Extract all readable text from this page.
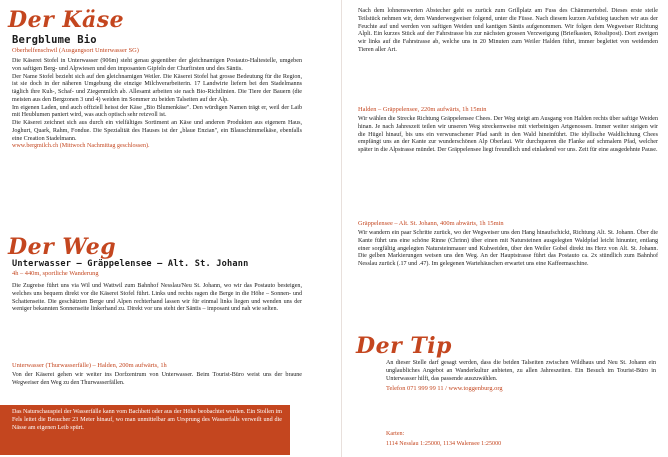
Der Käse
Bergblume Bio
Oberhelfenschwil (Ausgangsort Unterwasser SG)

Die Käserei Stofel in Unterwasser (906m) steht genau gegenüber der gleichnamigen Postauto-Haltestelle, umgeben von saftigen Berg- und Alpwiesen und den imposanten Gipfeln der Churfirsten und des Säntis.

Der Name Stofel bezieht sich auf den gleichnamigen Weiler. Die Käserei Stofel hat grosse Bedeutung für die Region, ist sie doch in der näheren Umgebung die einzige Milchverarbeiterin. 17 Landwirte liefern bei den Stadelmanns täglich ihre Kuh-, Schaf- und Ziegenmilch ab. Allesamt arbeiten sie nach Bio-Richtlinien. Die Tiere der Bauern (die meisten aus den Bergzonen 3 und 4) weiden im Sommer zu beiden Talseiten auf der Alp.

Im eigenen Laden, und auch offiziell heisst der Käse „Bio Blumenkäse". Den würdigen Namen trägt er, weil der Laib mit Heublumen paniert wird, was auch optisch sehr reizvoll ist.

Die Käserei zeichnet sich aus durch ein vielfältiges Sortiment an Käse und anderen Produkten aus eigenem Haus, Joghurt, Quark, Rahm, Fondue. Die Spezialität des Hauses ist der „blaue Enzian", ein Blauschimmelkäse, ebenfalls eine Creation Stadelmann.

www.bergmilch.ch (Mittwoch Nachmittag geschlossen).

Der Weg
Unterwasser – Gräppelensee – Alt. St. Johann
4h – 440m, sportliche Wanderung
Die Zugreise führt uns via Wil und Wattwil zum Bahnhof Nesslau/Neu St. Johann, wo wir das Postauto besteigen, welches uns bequem direkt vor die Käserei Stofel führt. Links und rechts ragen die Berge in die Höhe – Sonnen- und Schattenseite. Die geschätzten Berge und Alpen rechterhand lassen wir für einmal links liegen und wenden uns der weniger bekannten Sonnenseite linkerhand zu. Direkt vor uns steht der Säntis – imposant und nah wie selten.
Unterwasser (Thurwasserfälle) – Halden, 200m aufwärts, 1h
Von der Käserei gehen wir weiter ins Dorfzentrum von Unterwasser. Beim Tourist-Büro weist uns der braune Wegweiser den Weg zu den Thurwasserfällen.

Das Naturschauspiel der Wasserfälle kann vom Bachbett oder aus der Höhe beobachtet werden. Ein Stollen im Fels leitet die Besucher 23 Meter hinauf, wo man unmittelbar am Ursprung des Wasserfalls verweilt und die Nässe am eigenen Leib spürt.

Nach dem lohnenswerten Abstecher geht es zurück zum Grillplatz am Fuss des Chämmertobel. Dieses erste steile Teilstück nehmen wir, dem Wanderwegweiser folgend, unter die Füsse. Nach diesem kurzen Aufstieg tauchen wir aus der Feuchte auf und werden von saftigen Weiden und kantigen Säntis aufgenommen. Wir folgen dem Wegweiser Richtung Alpli. Ein kurzes Stück auf der Fahrstrasse bis zur nächsten grossen Verzweigung (Briefkasten, Rösslipost). Dort zweigen wir links auf die Fahrstrasse ab, welche uns in 20 Minuten zum Weiler Halden führt, immer begleitet von weidenden Tieren aller Art.
Halden – Gräppelensee, 220m aufwärts, 1h 15min
Wir wählen die Strecke Richtung Gräppelensee Chees. Der Weg steigt am Ausgang von Halden rechts über saftige Weiden hinan. Je nach Jahreszeit teilen wir unseren Weg streckenweise mit vierbeinigen Artgenossen. Immer weiter steigen wir die Hügel hinauf, bis uns ein verwunschener Pfad sanft in den Wald hineinführt. Die idyllische Waldlichtung Chees empfängt uns an der Kante zur wunderschönen Alp Oberlaui. Wir durchqueren die Flanke auf schmalem Pfad, welcher später in die Alpstrasse mündet. Der Gräppelensee liegt freundlich und einladend vor uns. Zeit für eine ausgedehnte Pause.
Gräppelensee – Alt. St. Johann, 400m abwärts, 1h 15min
Wir wandern ein paar Schritte zurück, wo der Wegweiser uns den Hang hinaufschickt, Richtung Alt. St. Johann. Über die Kante führt uns eine schöne Rinne (Chrinn) über einen mit Natursteinen ausgelegten Waldpfad leicht hinunter, entlang einer sorgfältig angelegten Natursteinmauer und Kuhweiden, über den Weiler Gobel direkt ins Herz von Alt. St. Johann. Die gelben Markierungen weisen uns den Weg. An der Hauptstrasse führt das Postauto ca. 2x stündlich zum Bahnhof Nesslau zurück (.17 und .47). Im gelegenen Wartehäuschen erwartet uns eine Kaffeemaschine.
Der Tip
An dieser Stelle darf gesagt werden, dass die beiden Talseiten zwischen Wildhaus und Neu St. Johann ein unglaubliches Angebot an Wanderkultur anbieten, zu allen Jahreszeiten. Ein Besuch im Tourist-Büro in Unterwasser hilft, das passende auszuwählen.
Telefon 071 999 99 11 / www.toggenburg.org
Karten:
1114 Nesslau 1:25000, 1134 Walensee 1:25000
